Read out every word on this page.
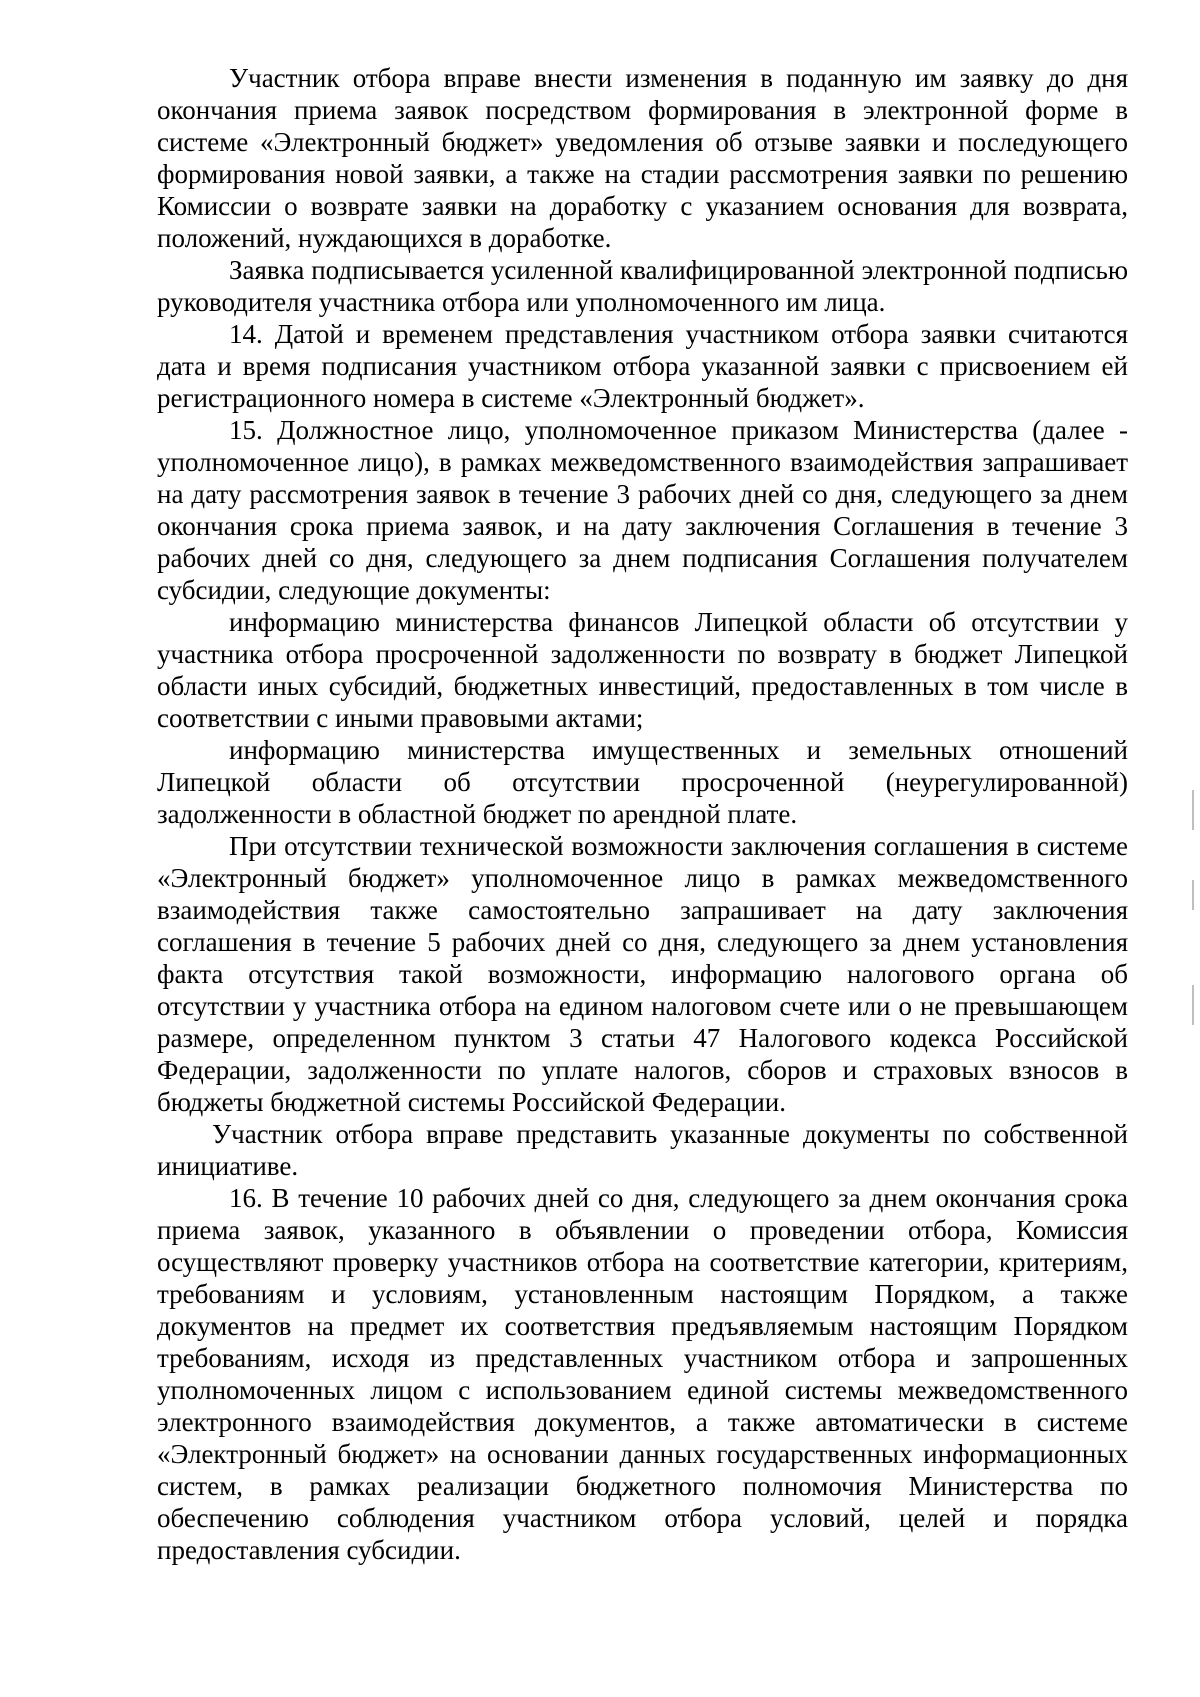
Участник отбора вправе внести изменения в поданную им заявку до дня окончания приема заявок посредством формирования в электронной форме в системе «Электронный бюджет» уведомления об отзыве заявки и последующего формирования новой заявки, а также на стадии рассмотрения заявки по решению Комиссии о возврате заявки на доработку с указанием основания для возврата, положений, нуждающихся в доработке.

Заявка подписывается усиленной квалифицированной электронной подписью руководителя участника отбора или уполномоченного им лица.

14. Датой и временем представления участником отбора заявки считаются дата и время подписания участником отбора указанной заявки с присвоением ей регистрационного номера в системе «Электронный бюджет».

15. Должностное лицо, уполномоченное приказом Министерства (далее - уполномоченное лицо), в рамках межведомственного взаимодействия запрашивает на дату рассмотрения заявок в течение 3 рабочих дней со дня, следующего за днем окончания срока приема заявок, и на дату заключения Соглашения в течение 3 рабочих дней со дня, следующего за днем подписания Соглашения получателем субсидии, следующие документы:

информацию министерства финансов Липецкой области об отсутствии у участника отбора просроченной задолженности по возврату в бюджет Липецкой области иных субсидий, бюджетных инвестиций, предоставленных в том числе в соответствии с иными правовыми актами;

информацию министерства имущественных и земельных отношений Липецкой области об отсутствии просроченной (неурегулированной) задолженности в областной бюджет по арендной плате.

При отсутствии технической возможности заключения соглашения в системе «Электронный бюджет» уполномоченное лицо в рамках межведомственного взаимодействия также самостоятельно запрашивает на дату заключения соглашения в течение 5 рабочих дней со дня, следующего за днем установления факта отсутствия такой возможности, информацию налогового органа об отсутствии у участника отбора на едином налоговом счете или о не превышающем размере, определенном пунктом 3 статьи 47 Налогового кодекса Российской Федерации, задолженности по уплате налогов, сборов и страховых взносов в бюджеты бюджетной системы Российской Федерации.

Участник отбора вправе представить указанные документы по собственной инициативе.

16. В течение 10 рабочих дней со дня, следующего за днем окончания срока приема заявок, указанного в объявлении о проведении отбора, Комиссия осуществляют проверку участников отбора на соответствие категории, критериям, требованиям и условиям, установленным настоящим Порядком, а также документов на предмет их соответствия предъявляемым настоящим Порядком требованиям, исходя из представленных участником отбора и запрошенных уполномоченных лицом с использованием единой системы межведомственного электронного взаимодействия документов, а также автоматически в системе «Электронный бюджет» на основании данных государственных информационных систем, в рамках реализации бюджетного полномочия Министерства по обеспечению соблюдения участником отбора условий, целей и порядка предоставления субсидии.
